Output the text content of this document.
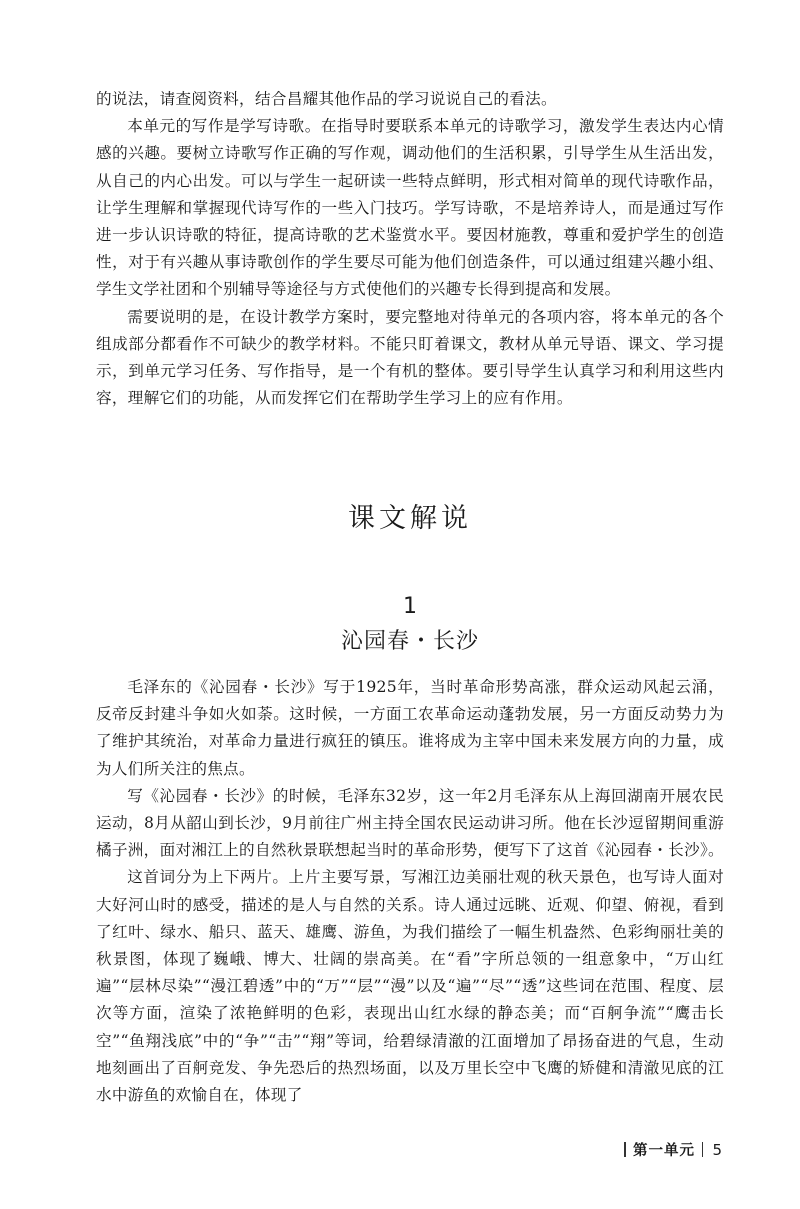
的说法，请查阅资料，结合昌耀其他作品的学习说说自己的看法。

本单元的写作是学写诗歌。在指导时要联系本单元的诗歌学习，激发学生表达内心情感的兴趣。要树立诗歌写作正确的写作观，调动他们的生活积累，引导学生从生活出发，从自己的内心出发。可以与学生一起研读一些特点鲜明，形式相对简单的现代诗歌作品，让学生理解和掌握现代诗写作的一些入门技巧。学写诗歌，不是培养诗人，而是通过写作进一步认识诗歌的特征，提高诗歌的艺术鉴赏水平。要因材施教，尊重和爱护学生的创造性，对于有兴趣从事诗歌创作的学生要尽可能为他们创造条件，可以通过组建兴趣小组、学生文学社团和个别辅导等途径与方式使他们的兴趣专长得到提高和发展。

需要说明的是，在设计教学方案时，要完整地对待单元的各项内容，将本单元的各个组成部分都看作不可缺少的教学材料。不能只盯着课文，教材从单元导语、课文、学习提示，到单元学习任务、写作指导，是一个有机的整体。要引导学生认真学习和利用这些内容，理解它们的功能，从而发挥它们在帮助学生学习上的应有作用。

课文解说
1
沁园春・长沙

毛泽东的《沁园春・长沙》写于1925年，当时革命形势高涨，群众运动风起云涌，反帝反封建斗争如火如荼。这时候，一方面工农革命运动蓬勃发展，另一方面反动势力为了维护其统治，对革命力量进行疯狂的镇压。谁将成为主宰中国未来发展方向的力量，成为人们所关注的焦点。

写《沁园春・长沙》的时候，毛泽东32岁，这一年2月毛泽东从上海回湖南开展农民运动，8月从韶山到长沙，9月前往广州主持全国农民运动讲习所。他在长沙逗留期间重游橘子洲，面对湘江上的自然秋景联想起当时的革命形势，便写下了这首《沁园春・长沙》。

这首词分为上下两片。上片主要写景，写湘江边美丽壮观的秋天景色，也写诗人面对大好河山时的感受，描述的是人与自然的关系。诗人通过远眺、近观、仰望、俯视，看到了红叶、绿水、船只、蓝天、雄鹰、游鱼，为我们描绘了一幅生机盎然、色彩绚丽壮美的秋景图，体现了巍峨、博大、壮阔的崇高美。在“看”字所总领的一组意象中，“万山红遍”“层林尽染”“漫江碧透”中的“万”“层”“漫”以及“遍”“尽”“透”这些词在范围、程度、层次等方面，渲染了浓艳鲜明的色彩，表现出山红水绿的静态美；而“百舸争流”“鹰击长空”“鱼翔浅底”中的“争”“击”“翔”等词，给碧绿清澈的江面增加了昂扬奋进的气息，生动地刻画出了百舸竞发、争先恐后的热烈场面，以及万里长空中飞鹰的矫健和清澈见底的江水中游鱼的欢愉自在，体现了

第一单元 5
